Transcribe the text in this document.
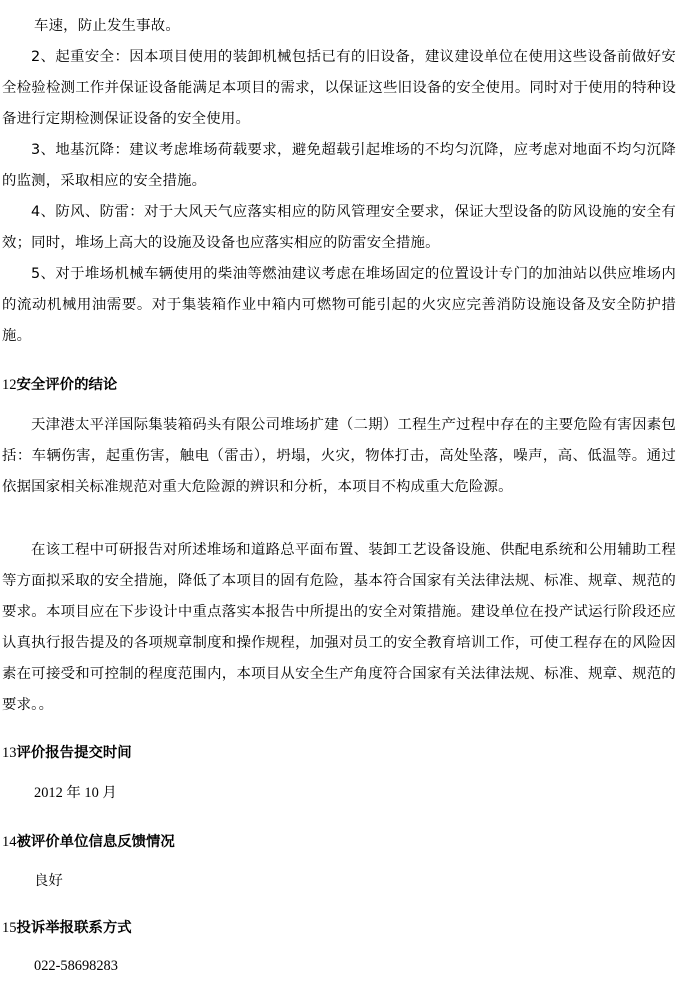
车速，防止发生事故。
2、起重安全：因本项目使用的装卸机械包括已有的旧设备，建议建设单位在使用这些设备前做好安全检验检测工作并保证设备能满足本项目的需求，以保证这些旧设备的安全使用。同时对于使用的特种设备进行定期检测保证设备的安全使用。
3、地基沉降：建议考虑堆场荷载要求，避免超载引起堆场的不均匀沉降，应考虑对地面不均匀沉降的监测，采取相应的安全措施。
4、防风、防雷：对于大风天气应落实相应的防风管理安全要求，保证大型设备的防风设施的安全有效；同时，堆场上高大的设施及设备也应落实相应的防雷安全措施。
5、对于堆场机械车辆使用的柴油等燃油建议考虑在堆场固定的位置设计专门的加油站以供应堆场内的流动机械用油需要。对于集装箱作业中箱内可燃物可能引起的火灾应完善消防设施设备及安全防护措施。
12安全评价的结论
天津港太平洋国际集装箱码头有限公司堆场扩建（二期）工程生产过程中存在的主要危险有害因素包括：车辆伤害，起重伤害，触电（雷击），坍塌，火灾，物体打击，高处坠落，噪声，高、低温等。通过依据国家相关标准规范对重大危险源的辨识和分析，本项目不构成重大危险源。
在该工程中可研报告对所述堆场和道路总平面布置、装卸工艺设备设施、供配电系统和公用辅助工程等方面拟采取的安全措施，降低了本项目的固有危险，基本符合国家有关法律法规、标准、规章、规范的要求。本项目应在下步设计中重点落实本报告中所提出的安全对策措施。建设单位在投产试运行阶段还应认真执行报告提及的各项规章制度和操作规程，加强对员工的安全教育培训工作，可使工程存在的风险因素在可接受和可控制的程度范围内，本项目从安全生产角度符合国家有关法律法规、标准、规章、规范的要求。。
13评价报告提交时间
2012 年 10 月
14被评价单位信息反馈情况
良好
15投诉举报联系方式
022-58698283
